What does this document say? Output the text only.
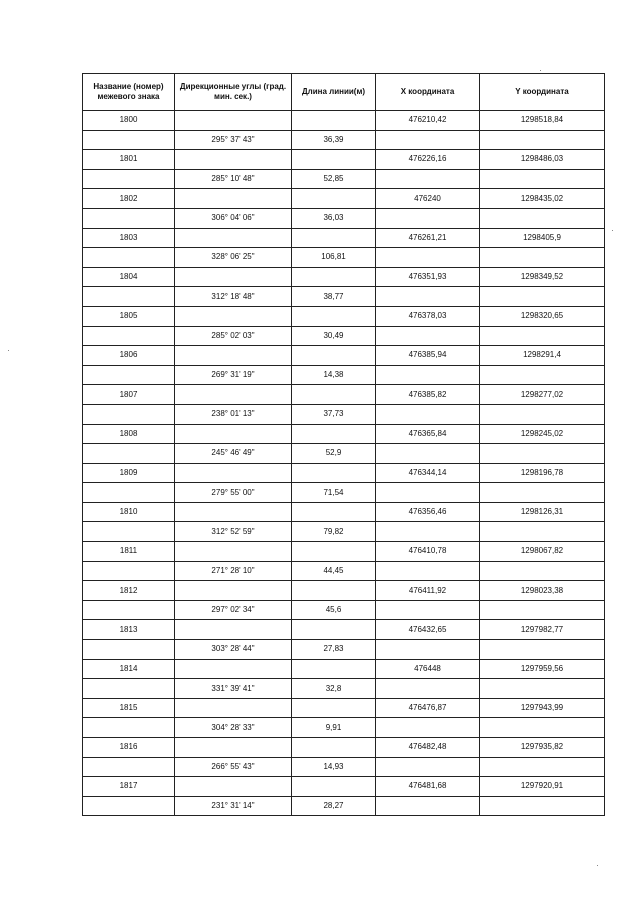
Название (номер) межевого знака	Дирекционные углы (град. мин. сек.)	Длина линии(м)	X координата	Y координата
1800			476210,42	1298518,84
	295° 37' 43"	36,39		
1801			476226,16	1298486,03
	285° 10' 48"	52,85		
1802			476240	1298435,02
	306° 04' 06"	36,03		
1803			476261,21	1298405,9
	328° 06' 25"	106,81		
1804			476351,93	1298349,52
	312° 18' 48"	38,77		
1805			476378,03	1298320,65
	285° 02' 03"	30,49		
1806			476385,94	1298291,4
	269° 31' 19"	14,38		
1807			476385,82	1298277,02
	238° 01' 13"	37,73		
1808			476365,84	1298245,02
	245° 46' 49"	52,9		
1809			476344,14	1298196,78
	279° 55' 00"	71,54		
1810			476356,46	1298126,31
	312° 52' 59"	79,82		
1811			476410,78	1298067,82
	271° 28' 10"	44,45		
1812			476411,92	1298023,38
	297° 02' 34"	45,6		
1813			476432,65	1297982,77
	303° 28' 44"	27,83		
1814			476448	1297959,56
	331° 39' 41"	32,8		
1815			476476,87	1297943,99
	304° 28' 33"	9,91		
1816			476482,48	1297935,82
	266° 55' 43"	14,93		
1817			476481,68	1297920,91
	231° 31' 14"	28,27		
